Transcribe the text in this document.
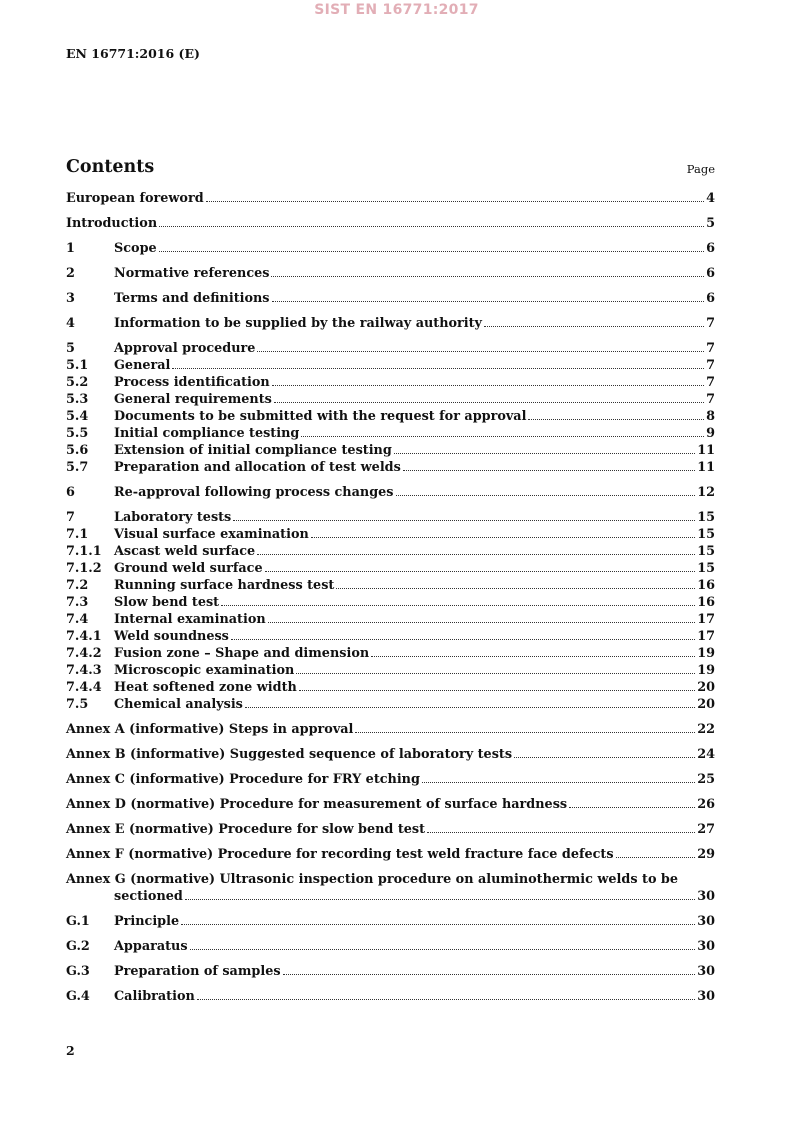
SIST EN 16771:2017
EN 16771:2016 (E)
Contents	Page
European foreword	4
Introduction	5
1	Scope	6
2	Normative references	6
3	Terms and definitions	6
4	Information to be supplied by the railway authority	7
5	Approval procedure	7
5.1	General	7
5.2	Process identification	7
5.3	General requirements	7
5.4	Documents to be submitted with the request for approval	8
5.5	Initial compliance testing	9
5.6	Extension of initial compliance testing	11
5.7	Preparation and allocation of test welds	11
6	Re-approval following process changes	12
7	Laboratory tests	15
7.1	Visual surface examination	15
7.1.1 Ascast weld surface	15
7.1.2 Ground weld surface	15
7.2	Running surface hardness test	16
7.3	Slow bend test	16
7.4	Internal examination	17
7.4.1 Weld soundness	17
7.4.2 Fusion zone – Shape and dimension	19
7.4.3 Microscopic examination	19
7.4.4 Heat softened zone width	20
7.5	Chemical analysis	20
Annex A (informative) Steps in approval	22
Annex B (informative) Suggested sequence of laboratory tests	24
Annex C (informative) Procedure for FRY etching	25
Annex D (normative) Procedure for measurement of surface hardness	26
Annex E (normative) Procedure for slow bend test	27
Annex F (normative) Procedure for recording test weld fracture face defects	29
Annex G (normative) Ultrasonic inspection procedure on aluminothermic welds to be
sectioned	30
G.1	Principle	30
G.2	Apparatus	30
G.3	Preparation of samples	30
G.4	Calibration	30
2
